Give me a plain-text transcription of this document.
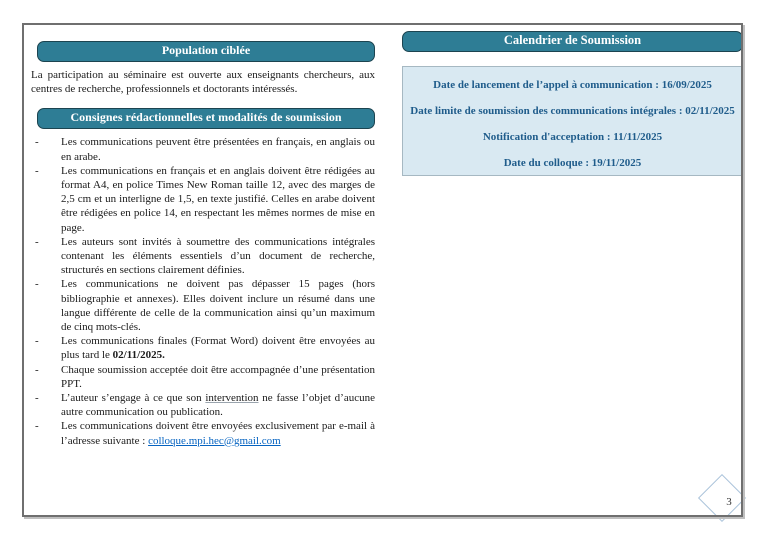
Population ciblée
La participation au séminaire est ouverte aux enseignants chercheurs, aux centres de recherche, professionnels et doctorants intéressés.
Consignes rédactionnelles et modalités de soumission
-	Les communications peuvent être présentées en français, en anglais ou en arabe.
-	Les communications en français et en anglais doivent être rédigées au format A4, en police Times New Roman taille 12, avec des marges de 2,5 cm et un interligne de 1,5, en texte justifié. Celles en arabe doivent être rédigées en police 14, en respectant les mêmes normes de mise en page.
-	Les auteurs sont invités à soumettre des communications intégrales contenant les éléments essentiels d’un document de recherche, structurés en sections clairement définies.
-	Les communications ne doivent pas dépasser 15 pages (hors bibliographie et annexes). Elles doivent inclure un résumé dans une langue différente de celle de la communication ainsi qu’un maximum de cinq mots-clés.
-	Les communications finales (Format Word) doivent être envoyées au plus tard le 02/11/2025.
-	Chaque soumission acceptée doit être accompagnée d’une présentation PPT.
-	L’auteur s’engage à ce que son intervention ne fasse l’objet d’aucune autre communication ou publication.
-	Les communications doivent être envoyées exclusivement par e-mail à l’adresse suivante : colloque.mpi.hec@gmail.com
Calendrier de Soumission
Date de lancement de l’appel à communication : 16/09/2025
Date limite de soumission des communications intégrales : 02/11/2025
Notification d'acceptation : 11/11/2025
Date du colloque : 19/11/2025
3
